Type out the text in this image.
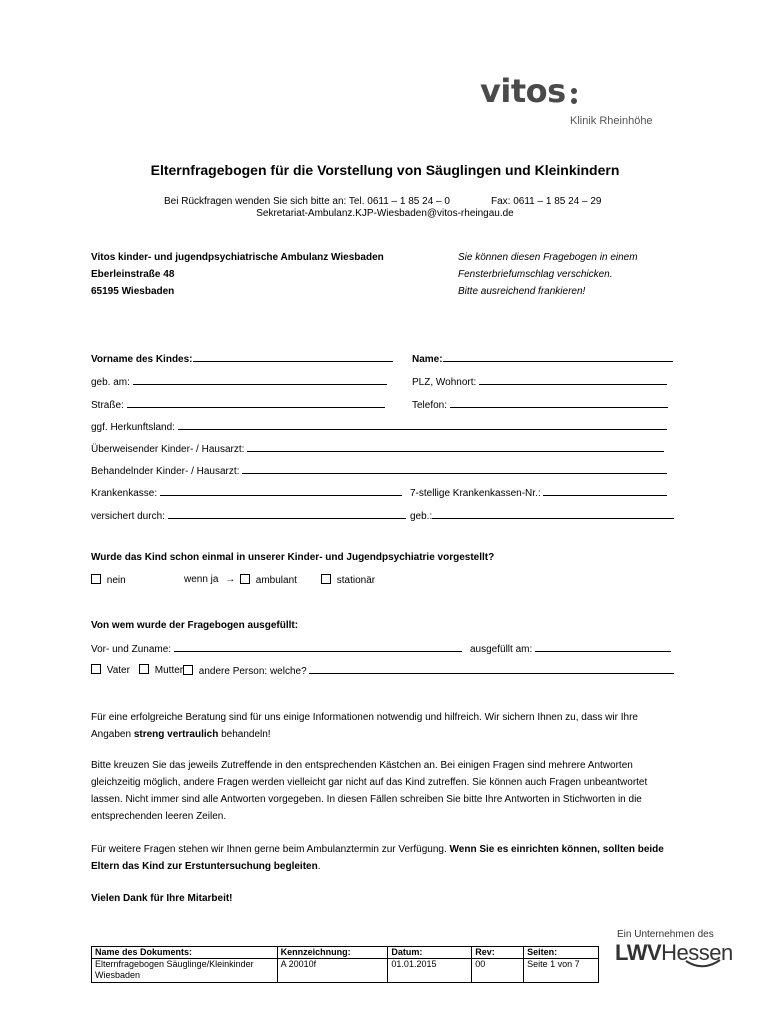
vitos
Klinik Rheinhöhe
Elternfragebogen für die Vorstellung von Säuglingen und Kleinkindern
Bei Rückfragen wenden Sie sich bitte an: Tel. 0611 – 1 85 24 – 0	Fax: 0611 – 1 85 24 – 29
Sekretariat-Ambulanz.KJP-Wiesbaden@vitos-rheingau.de
Vitos kinder- und jugendpsychiatrische Ambulanz Wiesbaden
Eberleinstraße 48
65195 Wiesbaden
Sie können diesen Fragebogen in einem
Fensterbriefumschlag verschicken.
Bitte ausreichend frankieren!
Vorname des Kindes:	Name:
geb. am:	PLZ, Wohnort:
Straße:	Telefon:
ggf. Herkunftsland:
Überweisender Kinder- / Hausarzt:
Behandelnder Kinder- / Hausarzt:
Krankenkasse:	7-stellige Krankenkassen-Nr.:
versichert durch:	geb.:
Wurde das Kind schon einmal in unserer Kinder- und Jugendpsychiatrie vorgestellt?
nein	wenn ja →	ambulant	stationär
Von wem wurde der Fragebogen ausgefüllt:
Vor- und Zuname:	ausgefüllt am:
Vater	Mutter	andere Person: welche?
Für eine erfolgreiche Beratung sind für uns einige Informationen notwendig und hilfreich. Wir sichern Ihnen zu, dass wir Ihre Angaben streng vertraulich behandeln!
Bitte kreuzen Sie das jeweils Zutreffende in den entsprechenden Kästchen an. Bei einigen Fragen sind mehrere Antworten gleichzeitig möglich, andere Fragen werden vielleicht gar nicht auf das Kind zutreffen. Sie können auch Fragen unbeantwortet lassen. Nicht immer sind alle Antworten vorgegeben. In diesen Fällen schreiben Sie bitte Ihre Antworten in Stichworten in die entsprechenden leeren Zeilen.
Für weitere Fragen stehen wir Ihnen gerne beim Ambulanztermin zur Verfügung. Wenn Sie es einrichten können, sollten beide Eltern das Kind zur Erstuntersuchung begleiten.
Vielen Dank für Ihre Mitarbeit!
Ein Unternehmen des
LWVHessen
Name des Dokuments:	Kennzeichnung:	Datum:	Rev:	Seiten:
Elternfragebogen Säuglinge/Kleinkinder Wiesbaden	A 20010f	01.01.2015	00	Seite 1 von 7
